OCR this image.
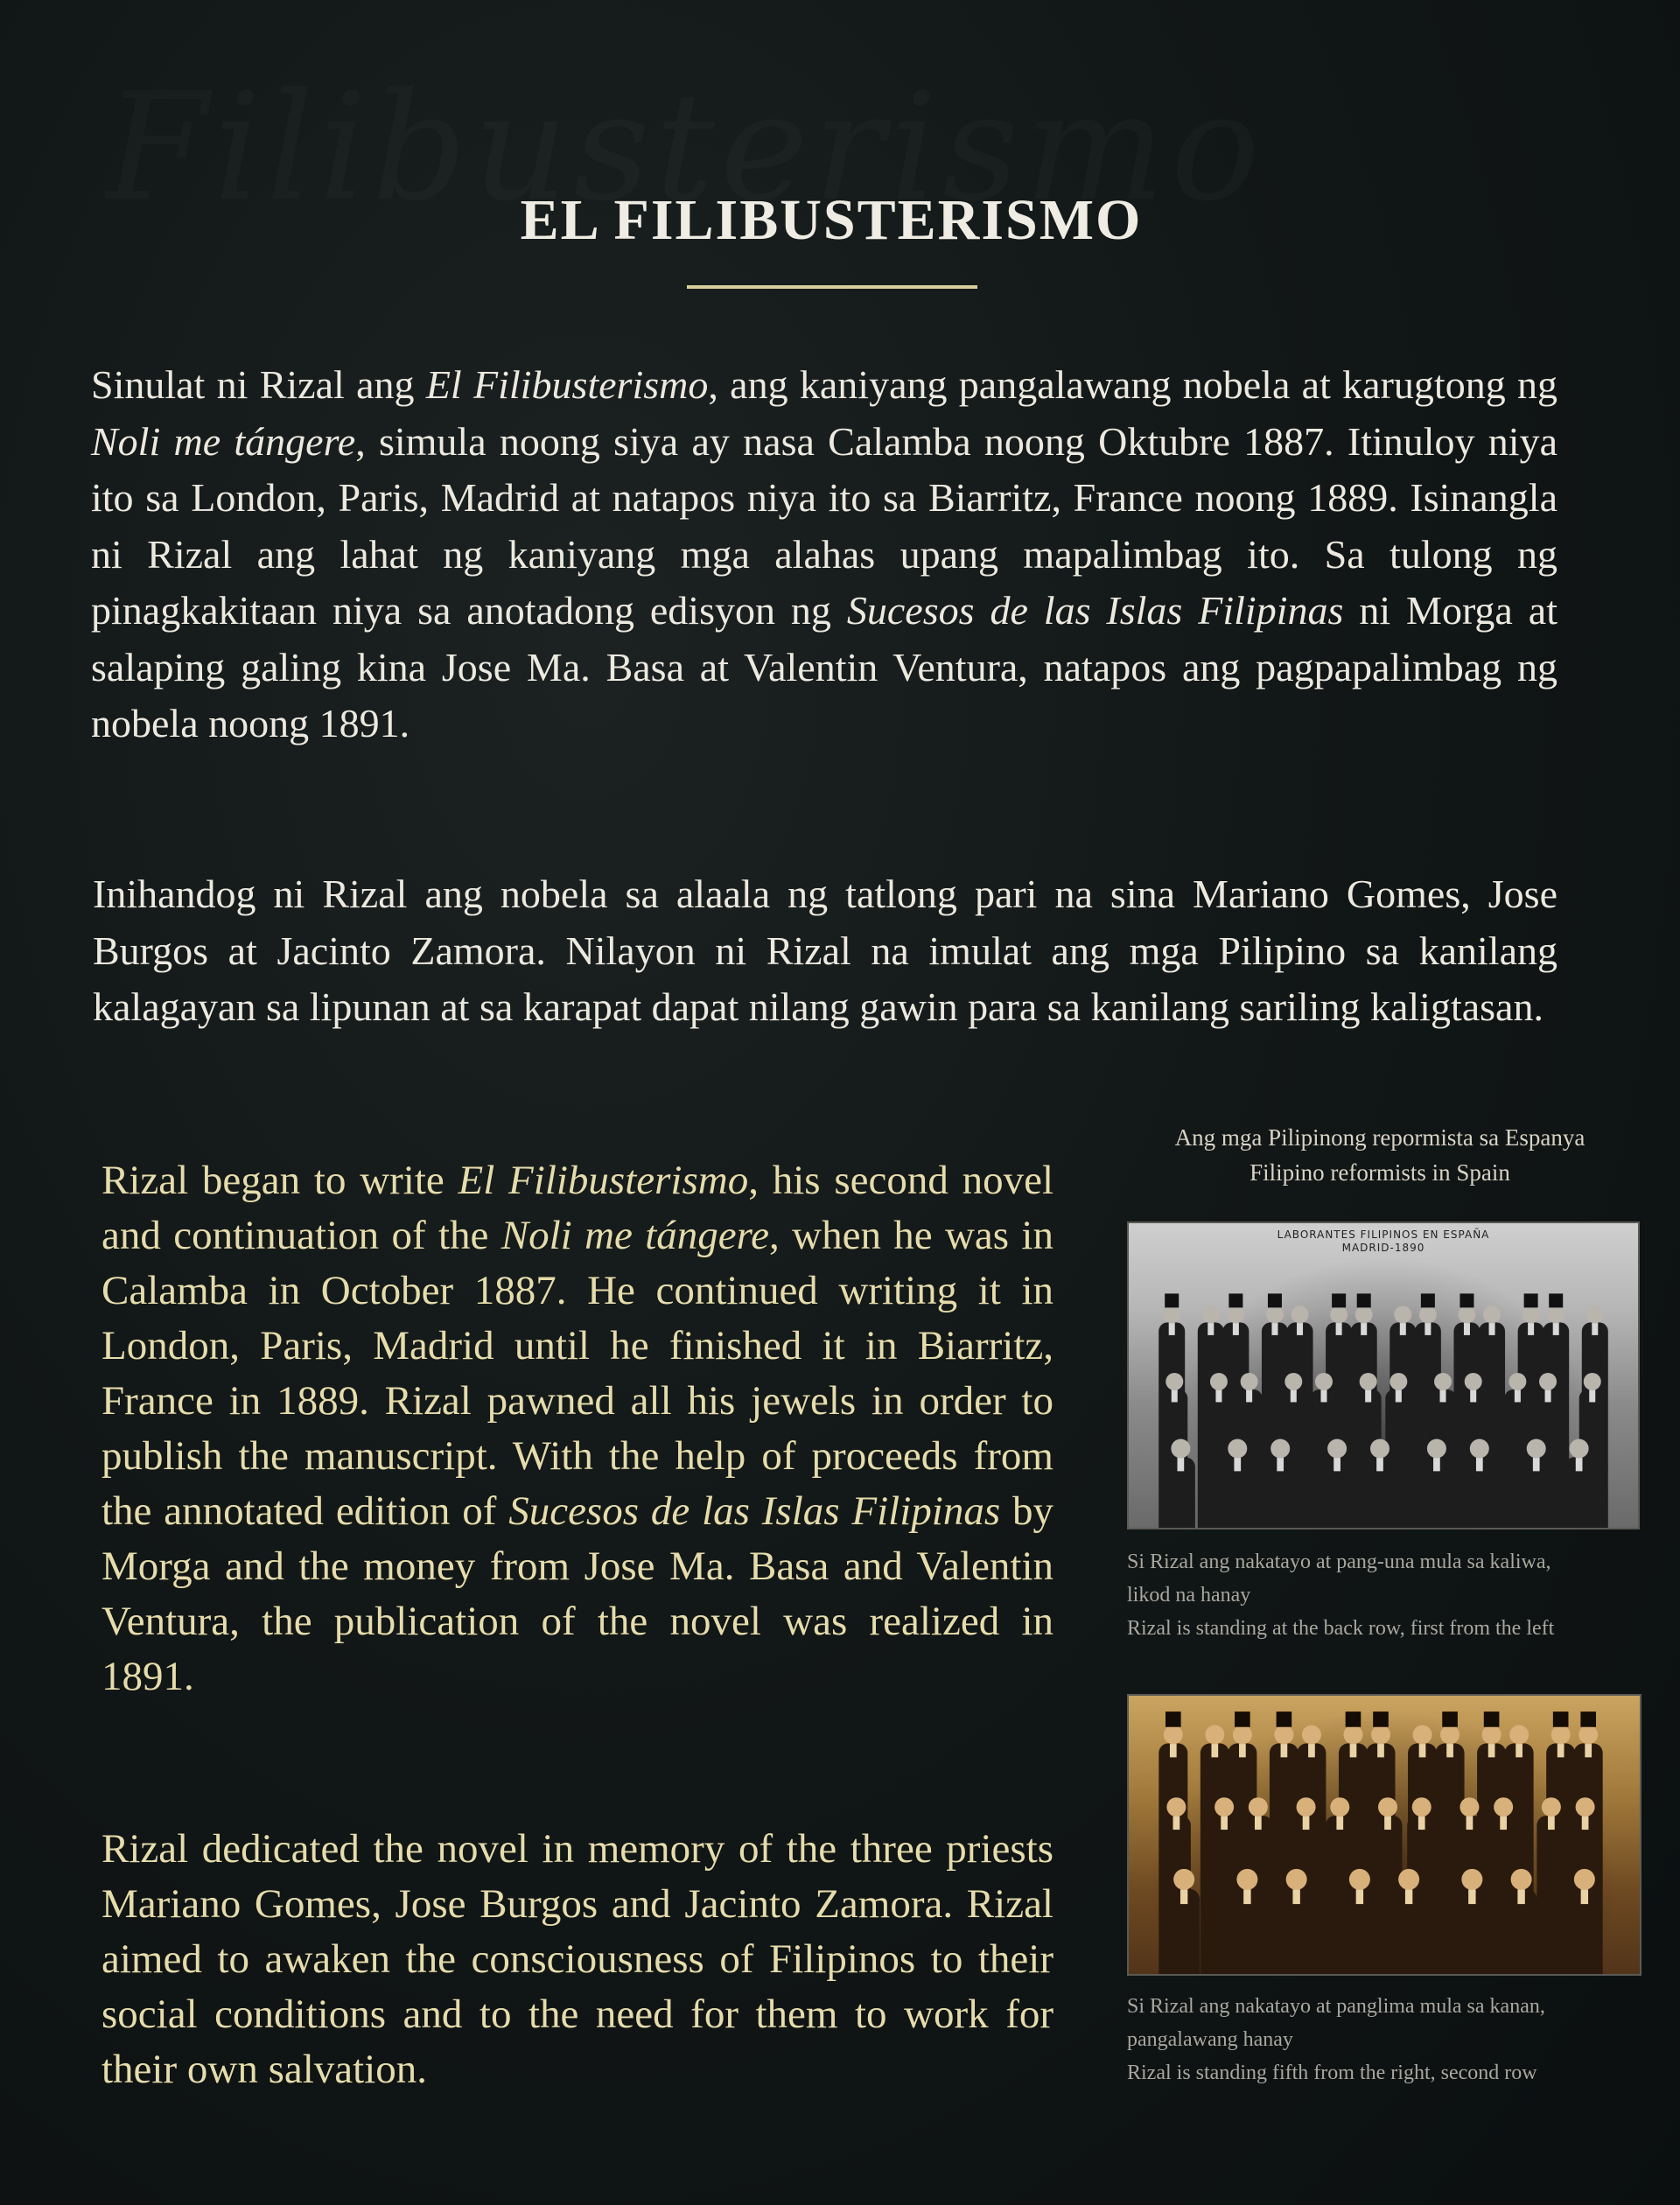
EL FILIBUSTERISMO

Sinulat ni Rizal ang El Filibusterismo, ang kaniyang pangalawang nobela at karugtong ng Noli me tángere, simula noong siya ay nasa Calamba noong Oktubre 1887. Itinuloy niya ito sa London, Paris, Madrid at natapos niya ito sa Biarritz, France noong 1889. Isinangla ni Rizal ang lahat ng kaniyang mga alahas upang mapalimbag ito. Sa tulong ng pinagkakitaan niya sa anotadong edisyon ng Sucesos de las Islas Filipinas ni Morga at salaping galing kina Jose Ma. Basa at Valentin Ventura, natapos ang pagpapalimbag ng nobela noong 1891.

Inihandog ni Rizal ang nobela sa alaala ng tatlong pari na sina Mariano Gomes, Jose Burgos at Jacinto Zamora. Nilayon ni Rizal na imulat ang mga Pilipino sa kanilang kalagayan sa lipunan at sa karapat dapat nilang gawin para sa kanilang sariling kaligtasan.

Rizal began to write El Filibusterismo, his second novel and continuation of the Noli me tángere, when he was in Calamba in October 1887. He continued writing it in London, Paris, Madrid until he finished it in Biarritz, France in 1889. Rizal pawned all his jewels in order to publish the manuscript. With the help of proceeds from the annotated edition of Sucesos de las Islas Filipinas by Morga and the money from Jose Ma. Basa and Valentin Ventura, the publication of the novel was realized in 1891.

Rizal dedicated the novel in memory of the three priests Mariano Gomes, Jose Burgos and Jacinto Zamora. Rizal aimed to awaken the consciousness of Filipinos to their social conditions and to the need for them to work for their own salvation.

Ang mga Pilipinong repormista sa Espanya
Filipino reformists in Spain
LABORANTES FILIPINOS EN ESPAÑA
MADRID-1890
Si Rizal ang nakatayo at pang-una mula sa kaliwa,
likod na hanay
Rizal is standing at the back row, first from the left
Si Rizal ang nakatayo at panglima mula sa kanan,
pangalawang hanay
Rizal is standing fifth from the right, second row
